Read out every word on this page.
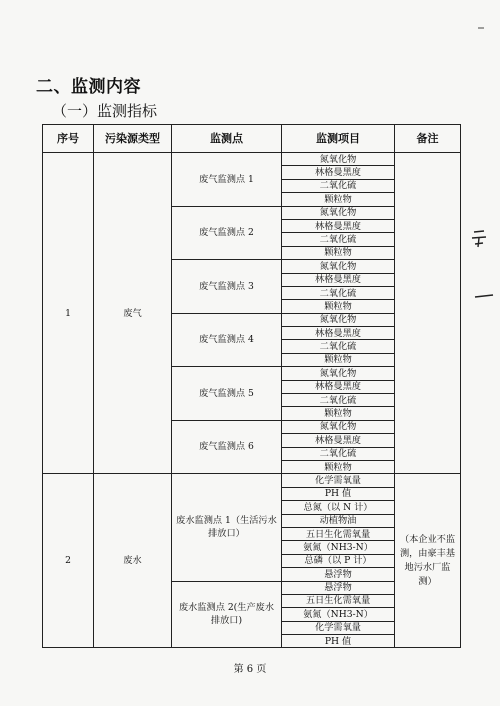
二、监测内容
（一）监测指标
序号	污染源类型	监测点	监测项目	备注
1	废气	废气监测点 1	氮氧化物	
			林格曼黑度	
			二氧化硫	
			颗粒物	
		废气监测点 2	氮氧化物	
			林格曼黑度	
			二氧化硫	
			颗粒物	
		废气监测点 3	氮氧化物	
			林格曼黑度	
			二氧化硫	
			颗粒物	
		废气监测点 4	氮氧化物	
			林格曼黑度	
			二氧化硫	
			颗粒物	
		废气监测点 5	氮氧化物	
			林格曼黑度	
			二氧化硫	
			颗粒物	
		废气监测点 6	氮氧化物	
			林格曼黑度	
			二氧化硫	
			颗粒物	
2	废水	废水监测点 1（生活污水排放口）	化学需氧量	（本企业不监测，由豪丰基地污水厂监测）
			PH 值	
			总氮（以 N 计）	
			动植物油	
			五日生化需氧量	
			氨氮（NH3-N）	
			总磷（以 P 计）	
			悬浮物	
		废水监测点 2(生产废水排放口)	悬浮物	
			五日生化需氧量	
			氨氮（NH3-N）	
			化学需氧量	
			PH 值	
第 6 页
